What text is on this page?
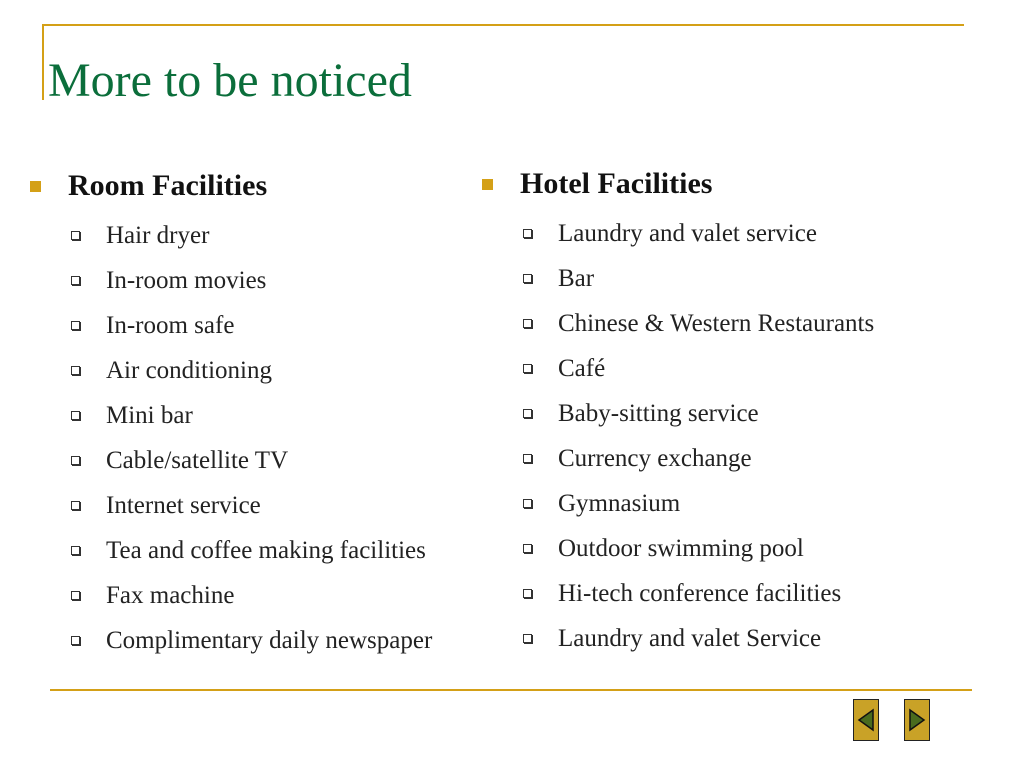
More to be noticed
Room Facilities
Hair dryer
In-room movies
In-room safe
Air conditioning
Mini bar
Cable/satellite TV
Internet service
Tea and coffee making facilities
Fax machine
Complimentary daily newspaper
Hotel Facilities
Laundry and valet service
Bar
Chinese & Western Restaurants
Café
Baby-sitting service
Currency exchange
Gymnasium
Outdoor swimming pool
Hi-tech conference facilities
Laundry and valet Service
